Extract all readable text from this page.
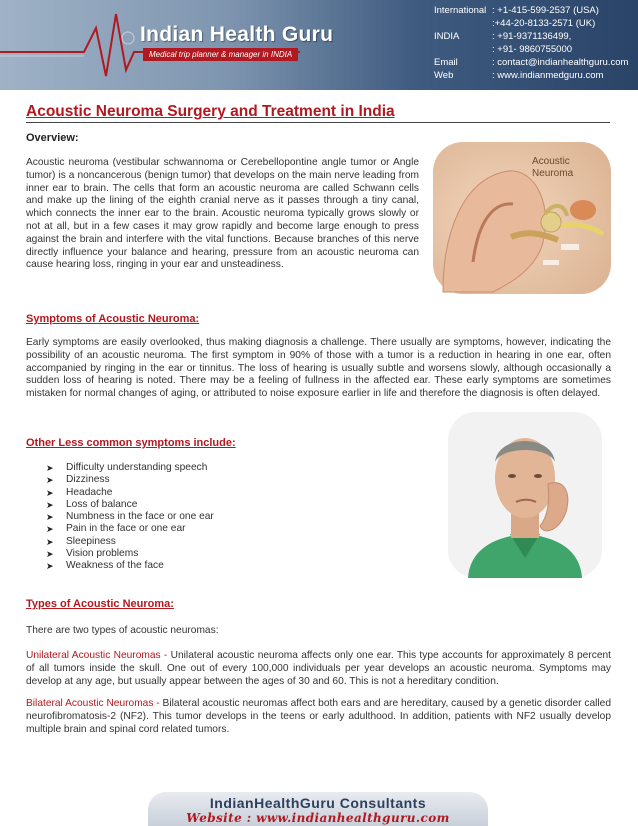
Indian Health Guru
Medical trip planner & manager in INDIA
International : +1-415-599-2537 (USA)
:+44-20-8133-2571 (UK)
INDIA	: +91-9371136499,
: +91- 9860755000
Email	: contact@indianhealthguru.com
Web	: www.indianmedguru.com
Acoustic Neuroma Surgery and Treatment in India
Overview:

Acoustic neuroma (vestibular schwannoma or Cerebellopontine angle tumor or Angle tumor) is a noncancerous (benign tumor) that develops on the main nerve leading from inner ear to brain. The cells that form an acoustic neuroma are called Schwann cells and make up the lining of the eighth cranial nerve as it passes through a tiny canal, which connects the inner ear to the brain. Acoustic neuroma typically grows slowly or not at all, but in a few cases it may grow rapidly and become large enough to press against the brain and interfere with the vital functions. Because branches of this nerve directly influence your balance and hearing, pressure from an acoustic neuroma can cause hearing loss, ringing in your ear and unsteadiness.

Acoustic
Neuroma
Symptoms of Acoustic Neuroma:

Early symptoms are easily overlooked, thus making diagnosis a challenge. There usually are symptoms, however, indicating the possibility of an acoustic neuroma. The first symptom in 90% of those with a tumor is a reduction in hearing in one ear, often accompanied by ringing in the ear or tinnitus. The loss of hearing is usually subtle and worsens slowly, although occasionally a sudden loss of hearing is noted. There may be a feeling of fullness in the affected ear. These early symptoms are sometimes mistaken for normal changes of aging, or attributed to noise exposure earlier in life and therefore the diagnosis is often delayed.

Other Less common symptoms include:
➤	Difficulty understanding speech
➤	Dizziness
➤	Headache
➤	Loss of balance
➤	Numbness in the face or one ear
➤	Pain in the face or one ear
➤	Sleepiness
➤	Vision problems
➤	Weakness of the face
Types of Acoustic Neuroma:

There are two types of acoustic neuromas:

Unilateral Acoustic Neuromas - Unilateral acoustic neuroma affects only one ear. This type accounts for approximately 8 percent of all tumors inside the skull. One out of every 100,000 individuals per year develops an acoustic neuroma. Symptoms may develop at any age, but usually appear between the ages of 30 and 60. This is not a hereditary condition.

Bilateral Acoustic Neuromas - Bilateral acoustic neuromas affect both ears and are hereditary, caused by a genetic disorder called neurofibromatosis-2 (NF2). This tumor develops in the teens or early adulthood. In addition, patients with NF2 usually develop multiple brain and spinal cord related tumors.

IndianHealthGuru Consultants
Website : www.indianhealthguru.com
